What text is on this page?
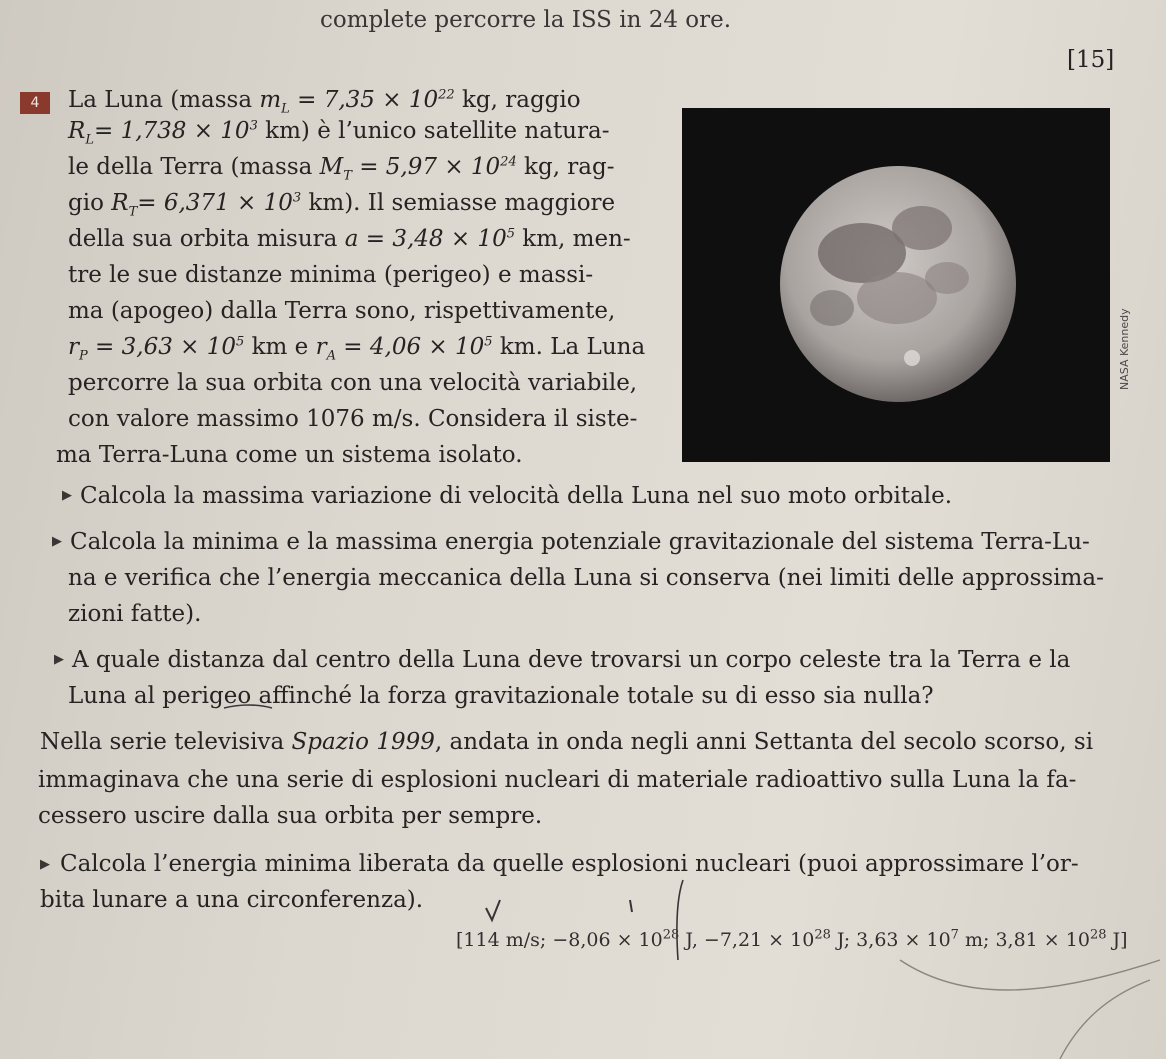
complete percorre la ISS in 24 ore.
[15]
4	La Luna (massa $m_L = 7,35 \times 10^{22}$ kg, raggio
$R_L= 1,738 \times 10^3$ km) è l’unico satellite natura-
le della Terra (massa $M_T = 5,97 \times 10^{24}$ kg, rag-
gio $R_T= 6,371 \times 10^3$ km). Il semiasse maggiore
della sua orbita misura $a = 3,48 \times 10^5$ km, men-
tre le sue distanze minima (perigeo) e massi-
ma (apogeo) dalla Terra sono, rispettivamente,
$r_P = 3,63 \times 10^5$ km e $r_A = 4,06 \times 10^5$ km. La Luna
percorre la sua orbita con una velocità variabile,
con valore massimo 1076 m/s. Considera il siste-
ma Terra-Luna come un sistema isolato.
NASA Kennedy
▶ Calcola la massima variazione di velocità della Luna nel suo moto orbitale.
▶ Calcola la minima e la massima energia potenziale gravitazionale del sistema Terra-Lu-
na e verifica che l’energia meccanica della Luna si conserva (nei limiti delle approssima-
zioni fatte).
▶ A quale distanza dal centro della Luna deve trovarsi un corpo celeste tra la Terra e la
Luna al perigeo affinché la forza gravitazionale totale su di esso sia nulla?
Nella serie televisiva Spazio 1999, andata in onda negli anni Settanta del secolo scorso, si
immaginava che una serie di esplosioni nucleari di materiale radioattivo sulla Luna la fa-
cessero uscire dalla sua orbita per sempre.
▶ Calcola l’energia minima liberata da quelle esplosioni nucleari (puoi approssimare l’or-
bita lunare a una circonferenza).
[114 m/s; $-8,06 \times 10^{28}$ J, $-7,21 \times 10^{28}$ J; $3,63 \times 10^7$ m; $3,81 \times 10^{28}$ J]
